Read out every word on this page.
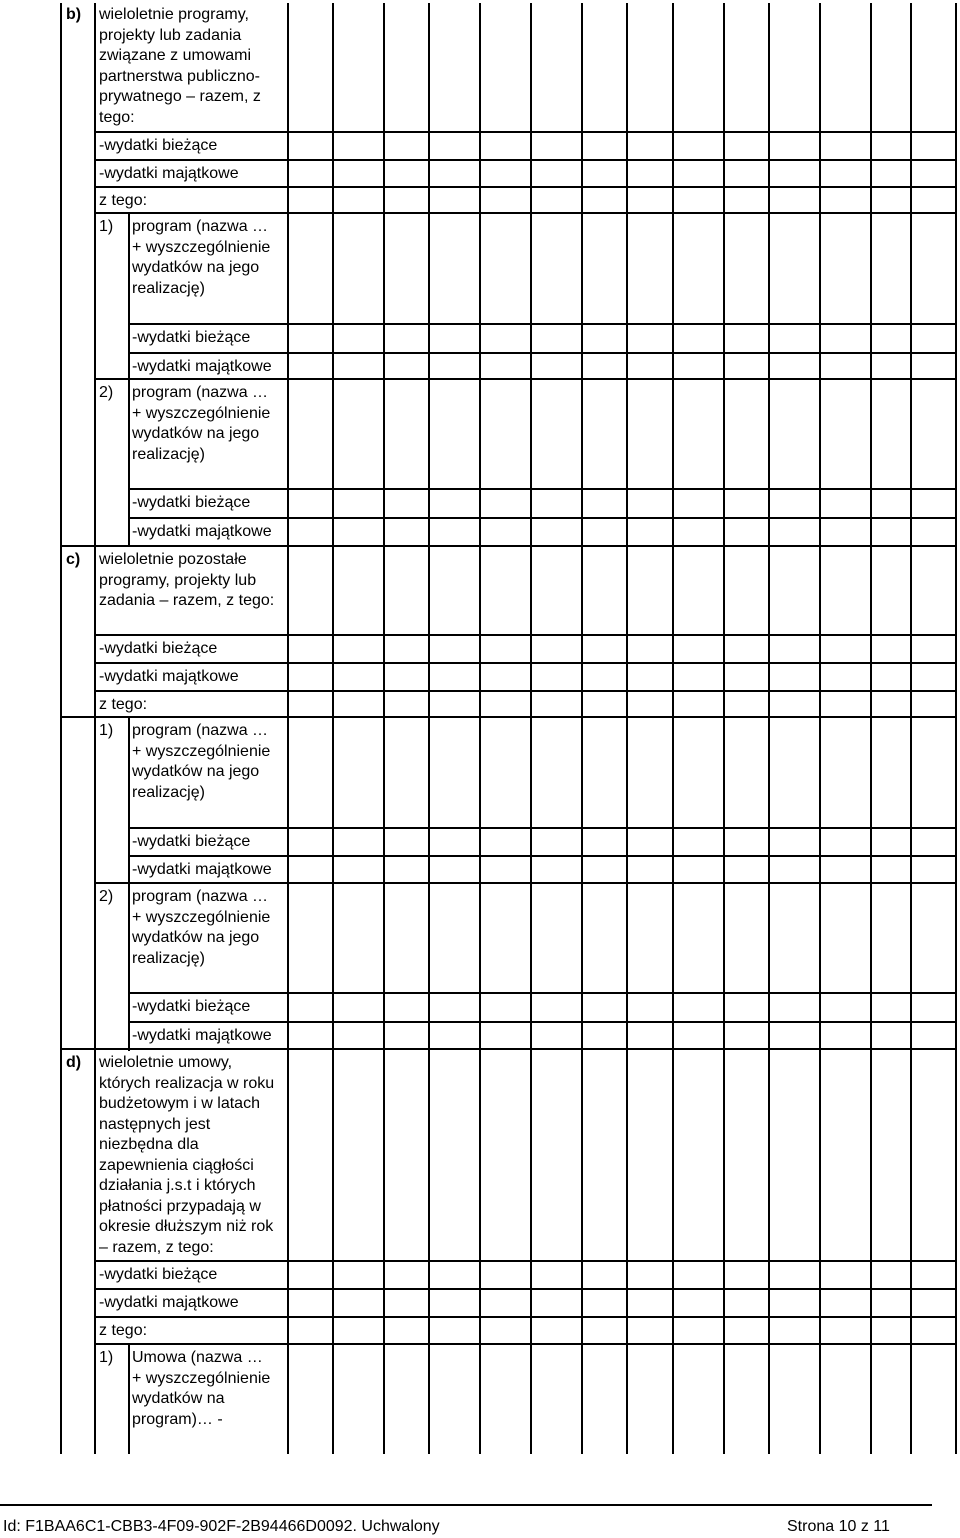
b)	wieloletnie programy, projekty lub zadania związane z umowami partnerstwa publiczno-prywatnego – razem, z tego:
-wydatki bieżące
-wydatki majątkowe
z tego:
1)	program (nazwa …+ wyszczególnienie wydatków na jego realizację)
-wydatki bieżące
-wydatki majątkowe
2)	program (nazwa …+ wyszczególnienie wydatków na jego realizację)
-wydatki bieżące
-wydatki majątkowe
c)	wieloletnie pozostałe programy, projekty lub zadania – razem, z tego:
-wydatki bieżące
-wydatki majątkowe
z tego:
1)	program (nazwa …+ wyszczególnienie wydatków na jego realizację)
-wydatki bieżące
-wydatki majątkowe
2)	program (nazwa …+ wyszczególnienie wydatków na jego realizację)
-wydatki bieżące
-wydatki majątkowe
d)	wieloletnie umowy, których realizacja w roku budżetowym i w latach następnych jest niezbędna dla zapewnienia ciągłości działania j.s.t i których płatności przypadają w okresie dłuższym niż rok – razem, z tego:
-wydatki bieżące
-wydatki majątkowe
z tego:
1)	Umowa (nazwa …+ wyszczególnienie wydatków na program)… -
Id: F1BAA6C1-CBB3-4F09-902F-2B94466D0092. Uchwalony	Strona 10 z 11
